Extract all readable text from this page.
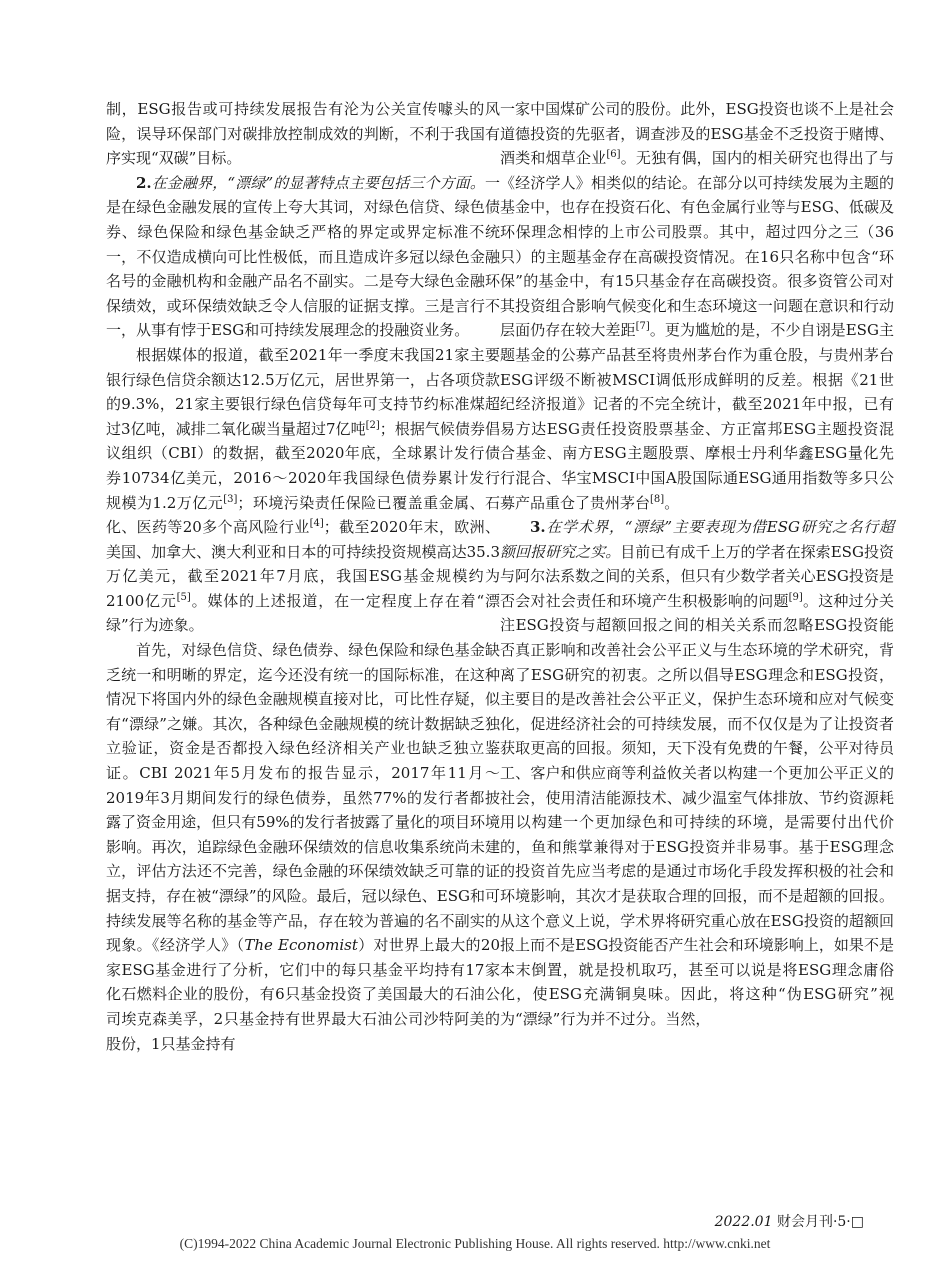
制，ESG报告或可持续发展报告有沦为公关宣传噱头的风险，误导环保部门对碳排放控制成效的判断，不利于我国有序实现“双碳”目标。

2.在金融界，“漂绿”的显著特点主要包括三个方面。一是在绿色金融发展的宣传上夸大其词，对绿色信贷、绿色债券、绿色保险和绿色基金缺乏严格的界定或界定标准不统一，不仅造成横向可比性极低，而且造成许多冠以绿色金融名号的金融机构和金融产品名不副实。二是夸大绿色金融环保绩效，或环保绩效缺乏令人信服的证据支撑。三是言行不一，从事有悖于ESG和可持续发展理念的投融资业务。

根据媒体的报道，截至2021年一季度末我国21家主要银行绿色信贷余额达12.5万亿元，居世界第一，占各项贷款的9.3%，21家主要银行绿色信贷每年可支持节约标准煤超过3亿吨，减排二氧化碳当量超过7亿吨[2]；根据气候债券倡议组织（CBI）的数据，截至2020年底，全球累计发行债券10734亿美元，2016～2020年我国绿色债券累计发行规模为1.2万亿元[3]；环境污染责任保险已覆盖重金属、石化、医药等20多个高风险行业[4]；截至2020年末，欧洲、美国、加拿大、澳大利亚和日本的可持续投资规模高达35.3万亿美元，截至2021年7月底，我国ESG基金规模约为2100亿元[5]。媒体的上述报道，在一定程度上存在着“漂绿”行为迹象。

首先，对绿色信贷、绿色债券、绿色保险和绿色基金缺乏统一和明晰的界定，迄今还没有统一的国际标准，在这种情况下将国内外的绿色金融规模直接对比，可比性存疑，似有“漂绿”之嫌。其次，各种绿色金融规模的统计数据缺乏独立验证，资金是否都投入绿色经济相关产业也缺乏独立鉴证。CBI 2021年5月发布的报告显示，2017年11月～2019年3月期间发行的绿色债券，虽然77%的发行者都披露了资金用途，但只有59%的发行者披露了量化的项目环境影响。再次，追踪绿色金融环保绩效的信息收集系统尚未建立，评估方法还不完善，绿色金融的环保绩效缺乏可靠的证据支持，存在被“漂绿”的风险。最后，冠以绿色、ESG和可持续发展等名称的基金等产品，存在较为普遍的名不副实的现象。《经济学人》（The Economist）对世界上最大的20家ESG基金进行了分析，它们中的每只基金平均持有17家化石燃料企业的股份，有6只基金投资了美国最大的石油公司埃克森美孚，2只基金持有世界最大石油公司沙特阿美的股份，1只基金持有

一家中国煤矿公司的股份。此外，ESG投资也谈不上是社会道德投资的先驱者，调查涉及的ESG基金不乏投资于赌博、酒类和烟草企业[6]。无独有偶，国内的相关研究也得出了与《经济学人》相类似的结论。在部分以可持续发展为主题的基金中，也存在投资石化、有色金属行业等与ESG、低碳及环保理念相悖的上市公司股票。其中，超过四分之三（36只）的主题基金存在高碳投资情况。在16只名称中包含“环保”的基金中，有15只基金存在高碳投资。很多资管公司对其投资组合影响气候变化和生态环境这一问题在意识和行动层面仍存在较大差距[7]。更为尴尬的是，不少自诩是ESG主题基金的公募产品甚至将贵州茅台作为重仓股，与贵州茅台ESG评级不断被MSCI调低形成鲜明的反差。根据《21世纪经济报道》记者的不完全统计，截至2021年中报，已有易方达ESG责任投资股票基金、方正富邦ESG主题投资混合基金、南方ESG主题股票、摩根士丹利华鑫ESG量化先行混合、华宝MSCI中国A股国际通ESG通用指数等多只公募产品重仓了贵州茅台[8]。

3.在学术界，“漂绿”主要表现为借ESG研究之名行超额回报研究之实。目前已有成千上万的学者在探索ESG投资与阿尔法系数之间的关系，但只有少数学者关心ESG投资是否会对社会责任和环境产生积极影响的问题[9]。这种过分关注ESG投资与超额回报之间的相关关系而忽略ESG投资能否真正影响和改善社会公平正义与生态环境的学术研究，背离了ESG研究的初衷。之所以倡导ESG理念和ESG投资，主要目的是改善社会公平正义，保护生态环境和应对气候变化，促进经济社会的可持续发展，而不仅仅是为了让投资者获取更高的回报。须知，天下没有免费的午餐，公平对待员工、客户和供应商等利益攸关者以构建一个更加公平正义的社会，使用清洁能源技术、减少温室气体排放、节约资源耗用以构建一个更加绿色和可持续的环境，是需要付出代价的，鱼和熊掌兼得对于ESG投资并非易事。基于ESG理念的投资首先应当考虑的是通过市场化手段发挥积极的社会和环境影响，其次才是获取合理的回报，而不是超额的回报。从这个意义上说，学术界将研究重心放在ESG投资的超额回报上而不是ESG投资能否产生社会和环境影响上，如果不是本末倒置，就是投机取巧，甚至可以说是将ESG理念庸俗化，使ESG充满铜臭味。因此，将这种“伪ESG研究”视为“漂绿”行为并不过分。当然，

2022.01 财会月刊·5·□
(C)1994-2022 China Academic Journal Electronic Publishing House. All rights reserved. http://www.cnki.net
